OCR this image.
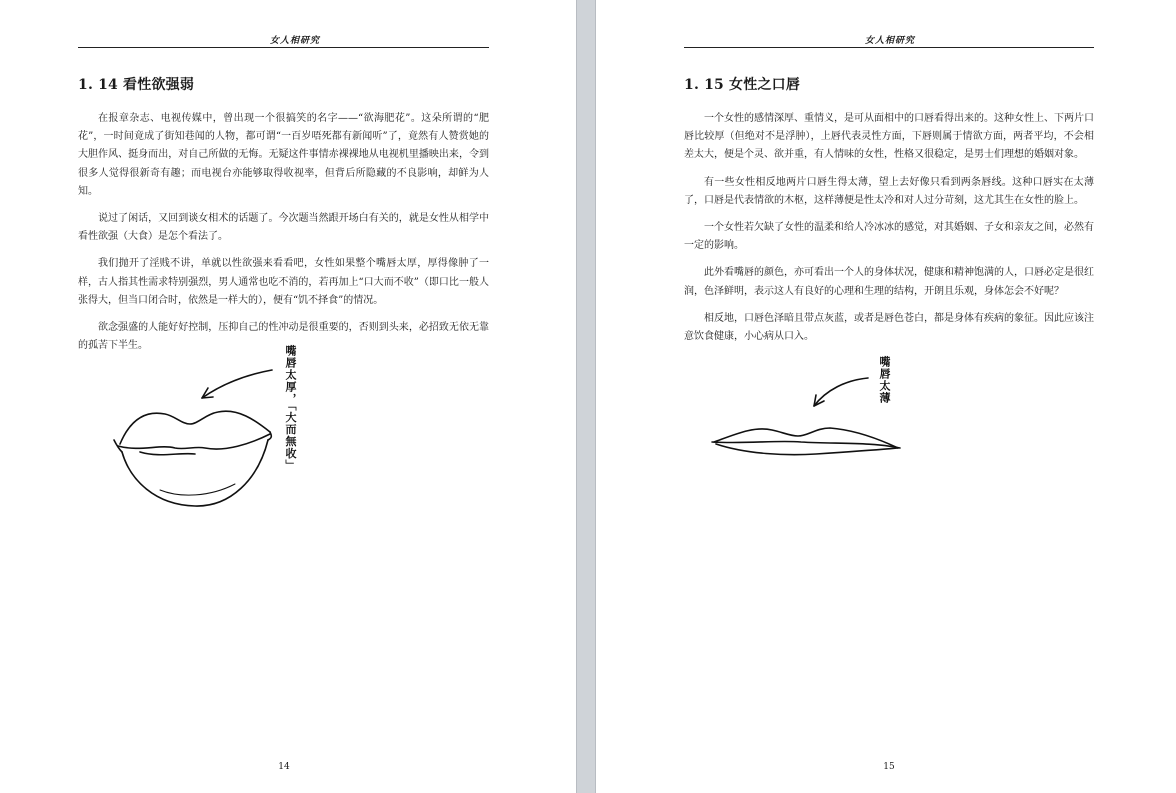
女人相研究
1. 14 看性欲强弱

在报章杂志、电视传媒中，曾出现一个很搞笑的名字——“欲海肥花”。这朵所谓的“肥花”，一时间竟成了街知巷闻的人物，都可谓“一百岁唔死都有新闻听”了，竟然有人赞赏她的大胆作风、挺身而出，对自己所做的无悔。无疑这件事情赤裸裸地从电视机里播映出来，令到很多人觉得很新奇有趣；而电视台亦能够取得收视率，但背后所隐藏的不良影响，却鲜为人知。

说过了闲话，又回到谈女相术的话题了。今次题当然跟开场白有关的，就是女性从相学中看性欲强（大食）是怎个看法了。

我们抛开了淫贱不讲，单就以性欲强来看看吧，女性如果整个嘴唇太厚，厚得像肿了一样，古人指其性需求特别强烈，男人通常也吃不消的，若再加上“口大而不收”（即口比一般人张得大，但当口闭合时，依然是一样大的），便有“饥不择食”的情况。

欲念强盛的人能好好控制，压抑自己的性冲动是很重要的，否则到头来，必招致无依无靠的孤苦下半生。	嘴唇太厚，「大而無收」
14
女人相研究
1. 15 女性之口唇

一个女性的感情深厚、重情义，是可从面相中的口唇看得出来的。这种女性上、下两片口唇比较厚（但绝对不是浮肿），上唇代表灵性方面，下唇则属于情欲方面，两者平均，不会相差太大，便是个灵、欲并重，有人情味的女性，性格又很稳定，是男士们理想的婚姻对象。

有一些女性相反地两片口唇生得太薄，望上去好像只看到两条唇线。这种口唇实在太薄了，口唇是代表情欲的木枢，这样薄便是性太冷和对人过分苛刻，这尤其生在女性的脸上。

一个女性若欠缺了女性的温柔和给人冷冰冰的感觉，对其婚姻、子女和亲友之间，必然有一定的影响。

此外看嘴唇的颜色，亦可看出一个人的身体状况，健康和精神饱满的人，口唇必定是很红润，色泽鲜明，表示这人有良好的心理和生理的结构，开朗且乐观，身体怎会不好呢？

相反地，口唇色泽暗且带点灰蓝，或者是唇色苍白，都是身体有疾病的象征。因此应该注意饮食健康，小心病从口入。

嘴唇太薄
15
